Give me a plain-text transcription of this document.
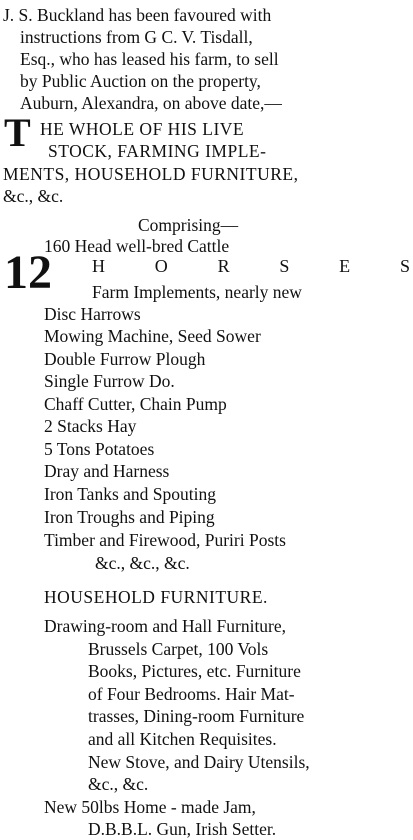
J. S. Buckland has been favoured with
instructions from G C. V. Tisdall,
Esq., who has leased his farm, to sell
by Public Auction on the property,
Auburn, Alexandra, on above date,—
T HE WHOLE OF HIS LIVE
STOCK, FARMING IMPLE-
MENTS, HOUSEHOLD FURNITURE,
&c., &c.
Comprising—
160 Head well-bred Cattle
12 H	O	R	S	E	S
Farm Implements, nearly new
Disc Harrows
Mowing Machine, Seed Sower
Double Furrow Plough
Single Furrow Do.
Chaff Cutter, Chain Pump
2 Stacks Hay
5 Tons Potatoes
Dray and Harness
Iron Tanks and Spouting
Iron Troughs and Piping
Timber and Firewood, Puriri Posts
&c., &c., &c.
HOUSEHOLD FURNITURE.
Drawing-room and Hall Furniture,
Brussels Carpet, 100 Vols
Books, Pictures, etc. Furniture
of Four Bedrooms. Hair Mat-
trasses, Dining-room Furniture
and all Kitchen Requisites.
New Stove, and Dairy Utensils,
&c., &c.
New 50lbs Home - made Jam,
D.B.B.L. Gun, Irish Setter.
